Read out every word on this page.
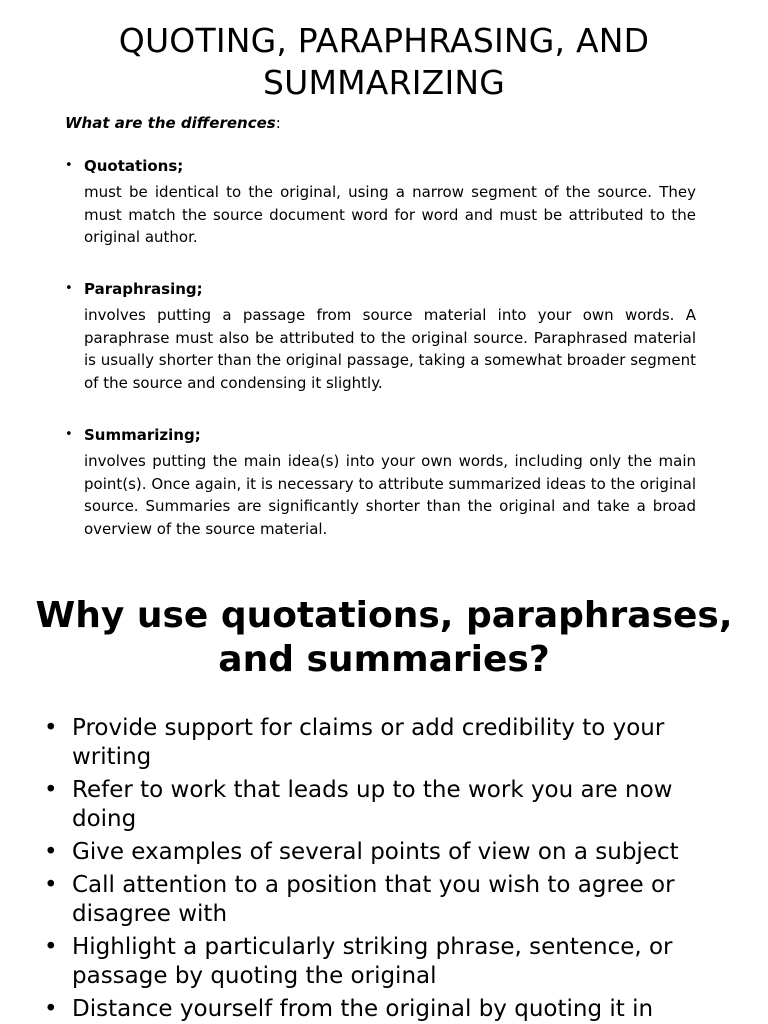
QUOTING, PARAPHRASING, AND SUMMARIZING

What are the differences:

• Quotations;

must be identical to the original, using a narrow segment of the source. They must match the source document word for word and must be attributed to the original author.

• Paraphrasing;

involves putting a passage from source material into your own words. A paraphrase must also be attributed to the original source. Paraphrased material is usually shorter than the original passage, taking a somewhat broader segment of the source and condensing it slightly.

• Summarizing;

involves putting the main idea(s) into your own words, including only the main point(s). Once again, it is necessary to attribute summarized ideas to the original source. Summaries are significantly shorter than the original and take a broad overview of the source material.

Why use quotations, paraphrases, and summaries?
• Provide support for claims or add credibility to your writing
• Refer to work that leads up to the work you are now doing
• Give examples of several points of view on a subject
• Call attention to a position that you wish to agree or disagree with
• Highlight a particularly striking phrase, sentence, or passage by quoting the original
• Distance yourself from the original by quoting it in
